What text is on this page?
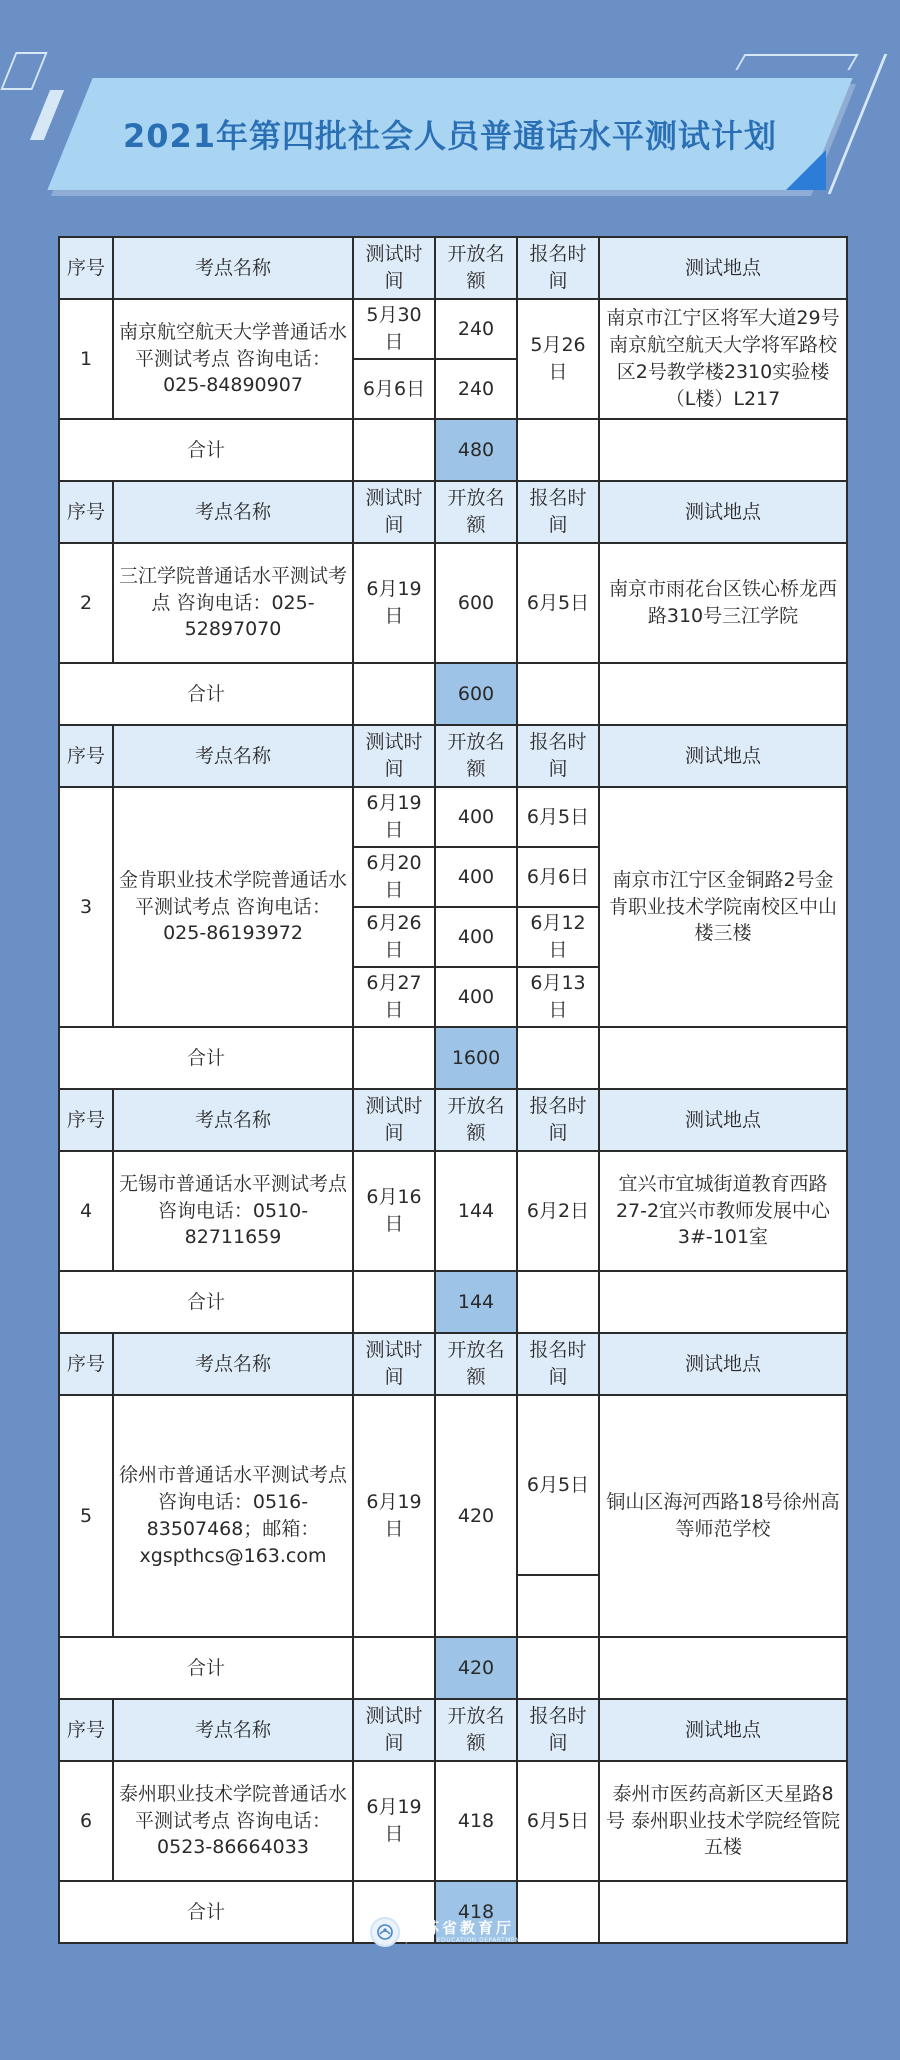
2021年第四批社会人员普通话水平测试计划
序号	考点名称	测试时间	开放名额	报名时间	测试地点
1	南京航空航天大学普通话水平测试考点 咨询电话：025-84890907	5月30日	240	5月26日	南京市江宁区将军大道29号 南京航空航天大学将军路校区2号教学楼2310实验楼（L楼）L217
		6月6日	240		
合计			480		
序号	考点名称	测试时间	开放名额	报名时间	测试地点
2	三江学院普通话水平测试考点 咨询电话：025-52897070	6月19日	600	6月5日	南京市雨花台区铁心桥龙西路310号三江学院
合计			600		
序号	考点名称	测试时间	开放名额	报名时间	测试地点
3	金肯职业技术学院普通话水平测试考点 咨询电话：025-86193972	6月19日	400	6月5日	南京市江宁区金铜路2号金肯职业技术学院南校区中山楼三楼
		6月20日	400	6月6日	
		6月26日	400	6月12日	
		6月27日	400	6月13日	
合计			1600		
序号	考点名称	测试时间	开放名额	报名时间	测试地点
4	无锡市普通话水平测试考点 咨询电话：0510-82711659	6月16日	144	6月2日	宜兴市宜城街道教育西路27-2宜兴市教师发展中心3#-101室
合计			144		
序号	考点名称	测试时间	开放名额	报名时间	测试地点
5	徐州市普通话水平测试考点 咨询电话：0516-83507468；邮箱：xgspthcs@163.com	6月19日	420	6月5日	铜山区海河西路18号徐州高等师范学校

合计			420		
序号	考点名称	测试时间	开放名额	报名时间	测试地点
6	泰州职业技术学院普通话水平测试考点 咨询电话：0523-86664033	6月19日	418	6月5日	泰州市医药高新区天星路8号 泰州职业技术学院经管院五楼
合计			418		
江苏省教育厅
JIANGSU EDUCATION DEPARTMENT
